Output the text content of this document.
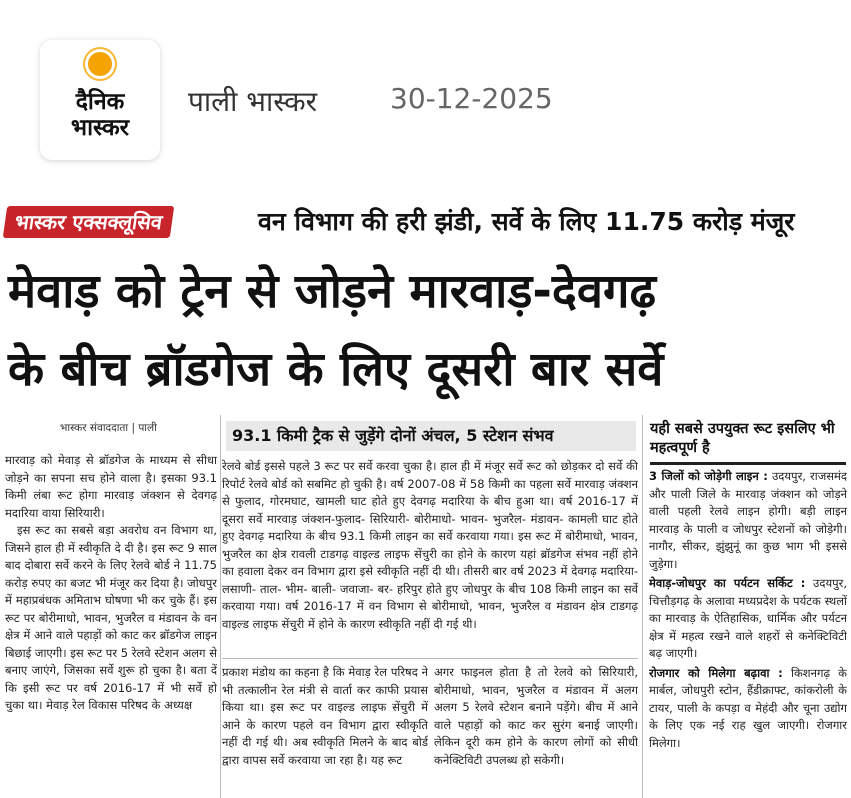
दैनिक
भास्कर
पाली भास्कर	30-12-2025
भास्कर एक्सक्लूसिव	वन विभाग की हरी झंडी, सर्वे के लिए 11.75 करोड़ मंजूर
मेवाड़ को ट्रेन से जोड़ने मारवाड़-देवगढ़
के बीच ब्रॉडगेज के लिए दूसरी बार सर्वे
भास्कर संवाददाता | पाली

मारवाड़ को मेवाड़ से ब्रॉडगेज के माध्यम से सीधा जोड़ने का सपना सच होने वाला है। इसका 93.1 किमी लंबा रूट होगा मारवाड़ जंक्शन से देवगढ़ मदारिया वाया सिरियारी।

इस रूट का सबसे बड़ा अवरोध वन विभाग था, जिसने हाल ही में स्वीकृति दे दी है। इस रूट 9 साल बाद दोबारा सर्वे करने के लिए रेलवे बोर्ड ने 11.75 करोड़ रुपए का बजट भी मंजूर कर दिया है। जोधपुर में महाप्रबंधक अमिताभ घोषणा भी कर चुके हैं। इस रूट पर बोरीमाधो, भावन, भुजरैल व मंडावन के वन क्षेत्र में आने वाले पहाड़ों को काट कर ब्रॉडगेज लाइन बिछाई जाएगी। इस रूट पर 5 रेलवे स्टेशन अलग से बनाए जाएंगे, जिसका सर्वे शुरू हो चुका है। बता दें कि इसी रूट पर वर्ष 2016-17 में भी सर्वे हो चुका था। मेवाड़ रेल विकास परिषद के अध्यक्ष

93.1 किमी ट्रैक से जुड़ेंगे दोनों अंचल, 5 स्टेशन संभव
रेलवे बोर्ड इससे पहले 3 रूट पर सर्वे करवा चुका है। हाल ही में मंजूर सर्वे रूट को छोड़कर दो सर्वे की रिपोर्ट रेलवे बोर्ड को सबमिट हो चुकी है। वर्ष 2007-08 में 58 किमी का पहला सर्वे मारवाड़ जंक्शन से फुलाद, गोरमघाट, खामली घाट होते हुए देवगढ़ मदारिया के बीच हुआ था। वर्ष 2016-17 में दूसरा सर्वे मारवाड़ जंक्शन-फुलाद- सिरियारी- बोरीमाधो- भावन- भुजरैल- मंडावन- कामली घाट होते हुए देवगढ़ मदारिया के बीच 93.1 किमी लाइन का सर्वे करवाया गया। इस रूट में बोरीमाधो, भावन, भुजरैल का क्षेत्र रावली टाडगढ़ वाइल्ड लाइफ सेंचुरी का होने के कारण यहां ब्रॉडगेज संभव नहीं होने का हवाला देकर वन विभाग द्वारा इसे स्वीकृति नहीं दी थी। तीसरी बार वर्ष 2023 में देवगढ़ मदारिया-लसाणी- ताल- भीम- बाली- जवाजा- बर- हरिपुर होते हुए जोधपुर के बीच 108 किमी लाइन का सर्वे करवाया गया। वर्ष 2016-17 में वन विभाग से बोरीमाधो, भावन, भुजरैल व मंडावन क्षेत्र टाडगढ़ वाइल्ड लाइफ सेंचुरी में होने के कारण स्वीकृति नहीं दी गई थी।
प्रकाश मंडोथ का कहना है कि मेवाड़ रेल परिषद ने भी तत्कालीन रेल मंत्री से वार्ता कर काफी प्रयास किया था। इस रूट पर वाइल्ड लाइफ सेंचुरी में आने के कारण पहले वन विभाग द्वारा स्वीकृति नहीं दी गई थी। अब स्वीकृति मिलने के बाद बोर्ड द्वारा वापस सर्वे करवाया जा रहा है। यह रूट
अगर फाइनल होता है तो रेलवे को सिरियारी, बोरीमाधो, भावन, भुजरैल व मंडावन में अलग अलग 5 रेलवे स्टेशन बनाने पड़ेंगे। बीच में आने वाले पहाड़ों को काट कर सुरंग बनाई जाएगी। लेकिन दूरी कम होने के कारण लोगों को सीधी कनेक्टिविटी उपलब्ध हो सकेगी।
यही सबसे उपयुक्त रूट इसलिए भी महत्वपूर्ण है

3 जिलों को जोड़ेगी लाइन : उदयपुर, राजसमंद और पाली जिले के मारवाड़ जंक्शन को जोड़ने वाली पहली रेलवे लाइन होगी। बड़ी लाइन मारवाड़ के पाली व जोधपुर स्टेशनों को जोड़ेगी। नागौर, सीकर, झुंझुनूं का कुछ भाग भी इससे जुड़ेगा।

मेवाड़-जोधपुर का पर्यटन सर्किट : उदयपुर, चित्तौड़गढ़ के अलावा मध्यप्रदेश के पर्यटक स्थलों का मारवाड़ के ऐतिहासिक, धार्मिक और पर्यटन क्षेत्र में महत्व रखने वाले शहरों से कनेक्टिविटी बढ़ जाएगी।

रोजगार को मिलेगा बढ़ावा : किशनगढ़ के मार्बल, जोधपुरी स्टोन, हैंडीक्राफ्ट, कांकरोली के टायर, पाली के कपड़ा व मेहंदी और चूना उद्योग के लिए एक नई राह खुल जाएगी। रोजगार मिलेगा।
